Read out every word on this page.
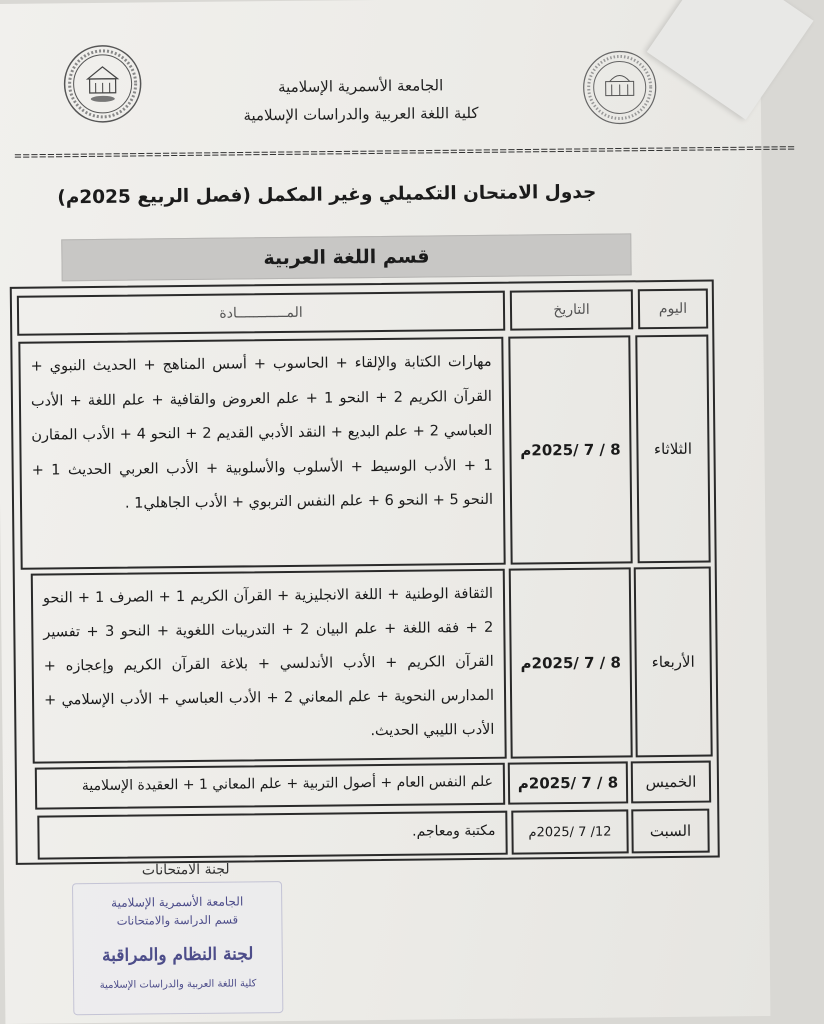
الجامعة الأسمرية الإسلامية
كلية اللغة العربية والدراسات الإسلامية
===============================================================================================
جدول الامتحان التكميلي وغير المكمل (فصل الربيع 2025م)
قسم اللغة العربية
اليوم
التاريخ
المــــــــــــادة
الثلاثاء
8 / 7 /2025م
مهارات الكتابة والإلقاء + الحاسوب + أسس المناهج + الحديث النبوي + القرآن الكريم 2 + النحو 1 + علم العروض والقافية + علم اللغة + الأدب العباسي 2 + علم البديع + النقد الأدبي القديم 2 + النحو 4 + الأدب المقارن 1 + الأدب الوسيط + الأسلوب والأسلوبية + الأدب العربي الحديث 1 + النحو 5 + النحو 6 + علم النفس التربوي + الأدب الجاهلي1 .
الأربعاء
8 / 7 /2025م
الثقافة الوطنية + اللغة الانجليزية + القرآن الكريم 1 + الصرف 1 + النحو 2 + فقه اللغة + علم البيان 2 + التدريبات اللغوية + النحو 3 + تفسير القرآن الكريم + الأدب الأندلسي + بلاغة القرآن الكريم وإعجازه + المدارس النحوية + علم المعاني 2 + الأدب العباسي + الأدب الإسلامي + الأدب الليبي الحديث.
الخميس
8 / 7 /2025م
علم النفس العام + أصول التربية + علم المعاني 1 + العقيدة الإسلامية
السبت
12/ 7 /2025م
مكتبة ومعاجم.
لجنة الامتحانات
الجامعة الأسمرية الإسلامية
قسم الدراسة والامتحانات
لجنة النظام والمراقبة
كلية اللغة العربية والدراسات الإسلامية
